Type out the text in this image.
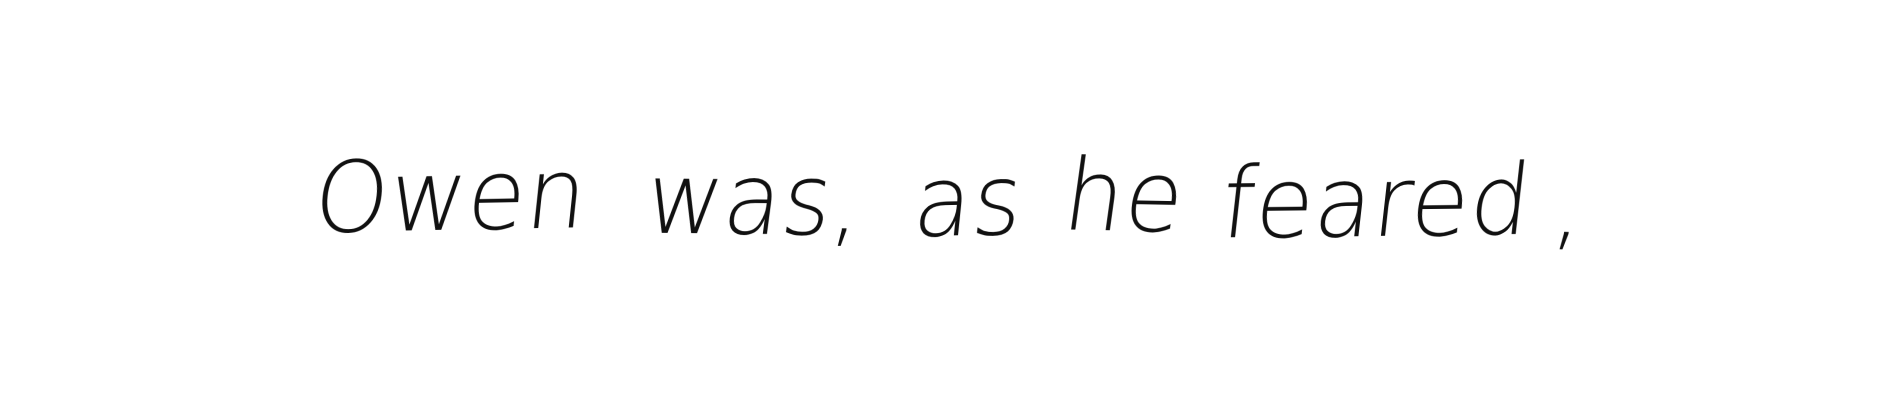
Owen was, as he feared ,
